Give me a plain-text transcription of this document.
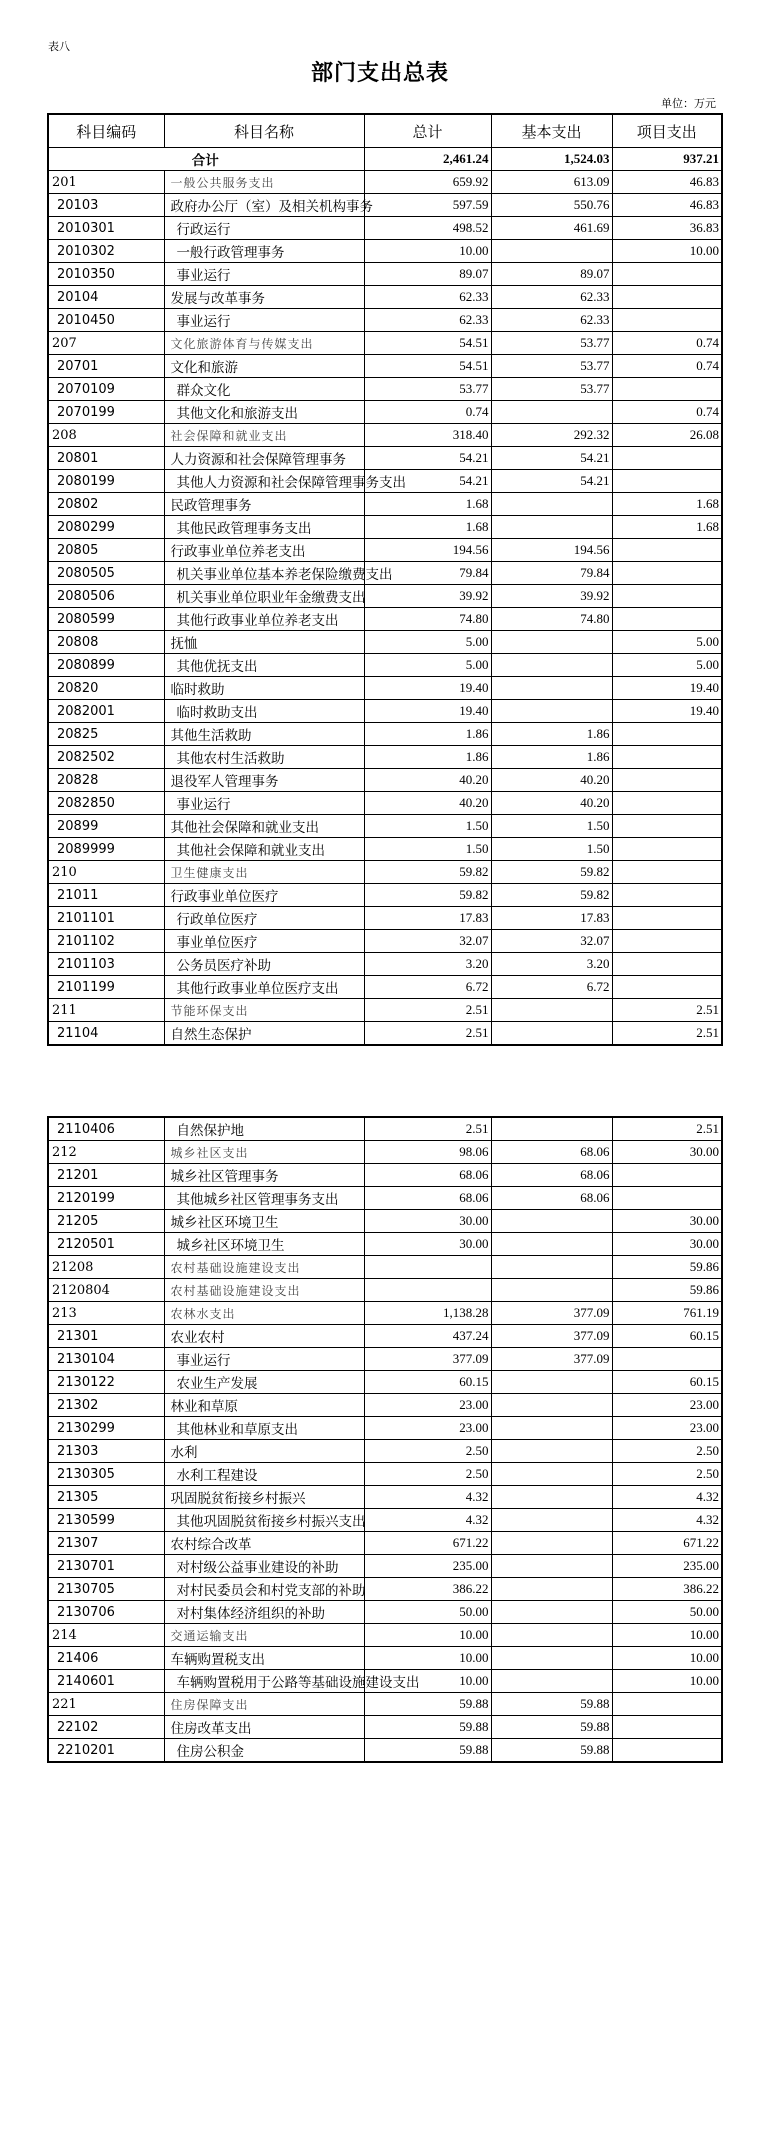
表八
部门支出总表
单位：万元
科目编码	科目名称	总计	基本支出	项目支出
合计		2,461.24	1,524.03	937.21
201	一般公共服务支出	659.92	613.09	46.83
20103	政府办公厅（室）及相关机构事务	597.59	550.76	46.83
2010301	行政运行	498.52	461.69	36.83
2010302	一般行政管理事务	10.00		10.00
2010350	事业运行	89.07	89.07	
20104	发展与改革事务	62.33	62.33	
2010450	事业运行	62.33	62.33	
207	文化旅游体育与传媒支出	54.51	53.77	0.74
20701	文化和旅游	54.51	53.77	0.74
2070109	群众文化	53.77	53.77	
2070199	其他文化和旅游支出	0.74		0.74
208	社会保障和就业支出	318.40	292.32	26.08
20801	人力资源和社会保障管理事务	54.21	54.21	
2080199	其他人力资源和社会保障管理事务支出	54.21	54.21	
20802	民政管理事务	1.68		1.68
2080299	其他民政管理事务支出	1.68		1.68
20805	行政事业单位养老支出	194.56	194.56	
2080505	机关事业单位基本养老保险缴费支出	79.84	79.84	
2080506	机关事业单位职业年金缴费支出	39.92	39.92	
2080599	其他行政事业单位养老支出	74.80	74.80	
20808	抚恤	5.00		5.00
2080899	其他优抚支出	5.00		5.00
20820	临时救助	19.40		19.40
2082001	临时救助支出	19.40		19.40
20825	其他生活救助	1.86	1.86	
2082502	其他农村生活救助	1.86	1.86	
20828	退役军人管理事务	40.20	40.20	
2082850	事业运行	40.20	40.20	
20899	其他社会保障和就业支出	1.50	1.50	
2089999	其他社会保障和就业支出	1.50	1.50	
210	卫生健康支出	59.82	59.82	
21011	行政事业单位医疗	59.82	59.82	
2101101	行政单位医疗	17.83	17.83	
2101102	事业单位医疗	32.07	32.07	
2101103	公务员医疗补助	3.20	3.20	
2101199	其他行政事业单位医疗支出	6.72	6.72	
211	节能环保支出	2.51		2.51
21104	自然生态保护	2.51		2.51
2110406	自然保护地	2.51		2.51
212	城乡社区支出	98.06	68.06	30.00
21201	城乡社区管理事务	68.06	68.06	
2120199	其他城乡社区管理事务支出	68.06	68.06	
21205	城乡社区环境卫生	30.00		30.00
2120501	城乡社区环境卫生	30.00		30.00
21208	农村基础设施建设支出			59.86
2120804	农村基础设施建设支出			59.86
213	农林水支出	1,138.28	377.09	761.19
21301	农业农村	437.24	377.09	60.15
2130104	事业运行	377.09	377.09	
2130122	农业生产发展	60.15		60.15
21302	林业和草原	23.00		23.00
2130299	其他林业和草原支出	23.00		23.00
21303	水利	2.50		2.50
2130305	水利工程建设	2.50		2.50
21305	巩固脱贫衔接乡村振兴	4.32		4.32
2130599	其他巩固脱贫衔接乡村振兴支出	4.32		4.32
21307	农村综合改革	671.22		671.22
2130701	对村级公益事业建设的补助	235.00		235.00
2130705	对村民委员会和村党支部的补助	386.22		386.22
2130706	对村集体经济组织的补助	50.00		50.00
214	交通运输支出	10.00		10.00
21406	车辆购置税支出	10.00		10.00
2140601	车辆购置税用于公路等基础设施建设支出	10.00		10.00
221	住房保障支出	59.88	59.88	
22102	住房改革支出	59.88	59.88	
2210201	住房公积金	59.88	59.88	
